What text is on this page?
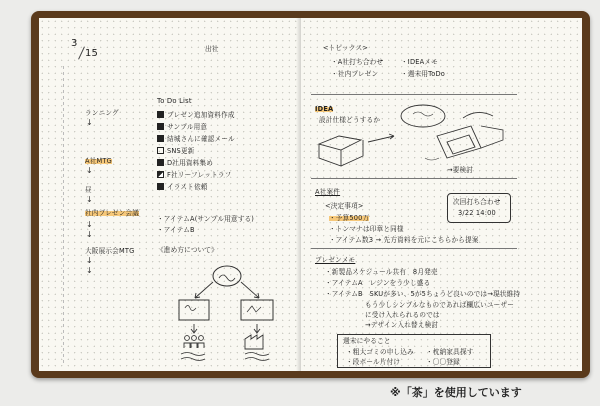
3
15	出社
ランニング
↓
A社MTG
↓
昼
↓
社内プレゼン会議
↓
↓
大阪展示会MTG
↓
↓
To Do List
プレゼン追加資料作成
サンプル用意
結城さんに確認メール
SNS更新
D社用資料集め
F社リーフレットラフ
イラスト依頼
・アイテムA(サンプル用意する)
・アイテムB
《進め方について》
<トピックス>
・A社打ち合わせ	・IDEAメモ
・社内プレゼン	・週末用ToDo
IDEA
設計仕様どうするか
→要検討
A社案件
<決定事項>
・予算500万
・トンマナは印章と同様
・アイテム数3 → 先方資料を元にこちらから提案
次回打ち合わせ
3/22 14:00
プレゼンメモ
・新製品スケジュール共有　8月発売
・アイテムA　レジンをう少し盛る
・アイテムB　SKUが多い、5が5ちょうど良いのでは→現状維持
もう少しシンプルなものであれば欄広いユーザー
に受け入れられるのでは
→デザイン入れ替え検討
週末にやること
・粗大ゴミの申し込み ・枕納家具探す
・段ボール片付け	・〇〇登録
※「茶」を使用しています
